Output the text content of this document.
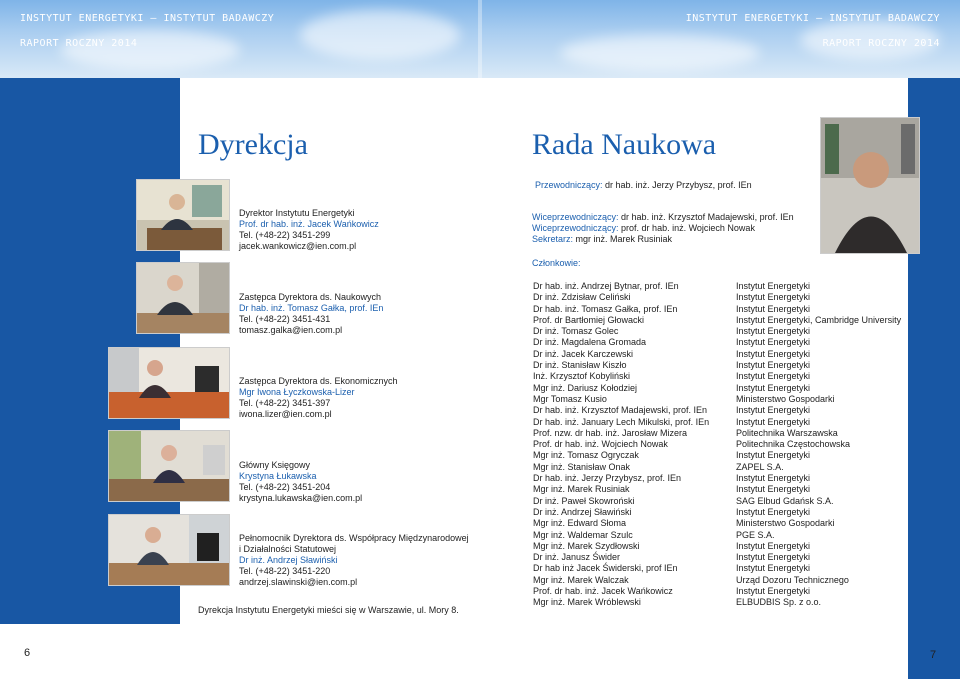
INSTYTUT ENERGETYKI – INSTYTUT BADAWCZY
RAPORT ROCZNY 2014
INSTYTUT ENERGETYKI – INSTYTUT BADAWCZY
RAPORT ROCZNY 2014
Dyrekcja
Dyrektor Instytutu Energetyki
Prof. dr hab. inż. Jacek Wańkowicz
Tel. (+48-22) 3451-299
jacek.wankowicz@ien.com.pl
Zastępca Dyrektora ds. Naukowych
Dr hab. inż. Tomasz Gałka, prof. IEn
Tel. (+48-22) 3451-431
tomasz.galka@ien.com.pl
Zastępca Dyrektora ds. Ekonomicznych
Mgr Iwona Łyczkowska-Lizer
Tel. (+48-22) 3451-397
iwona.lizer@ien.com.pl
Główny Księgowy
Krystyna Łukawska
Tel. (+48-22) 3451-204
krystyna.lukawska@ien.com.pl
Pełnomocnik Dyrektora ds. Współpracy Międzynarodowej
i Działalności Statutowej
Dr inż. Andrzej Sławiński
Tel. (+48-22) 3451-220
andrzej.slawinski@ien.com.pl
Dyrekcja Instytutu Energetyki mieści się w Warszawie, ul. Mory 8.
6
Rada Naukowa
Przewodniczący: dr hab. inż. Jerzy Przybysz, prof. IEn
Wiceprzewodniczący: dr hab. inż. Krzysztof Madajewski, prof. IEn
Wiceprzewodniczący: prof. dr hab. inż. Wojciech Nowak
Sekretarz: mgr inż. Marek Rusiniak
Członkowie:
Dr hab. inż. Andrzej Bytnar, prof. IEn
Dr inż. Zdzisław Celiński
Dr hab. inż. Tomasz Gałka, prof. IEn
Prof. dr Bartłomiej Głowacki
Dr inż. Tomasz Golec
Dr inż. Magdalena Gromada
Dr inż. Jacek Karczewski
Dr inż. Stanisław Kiszło
Inż. Krzysztof Kobyliński
Mgr inż. Dariusz Kołodziej
Mgr Tomasz Kusio
Dr hab. inż. Krzysztof Madajewski, prof. IEn
Dr hab. inż. January Lech Mikulski, prof. IEn
Prof. nzw. dr hab. inż. Jarosław Mizera
Prof. dr hab. inż. Wojciech Nowak
Mgr inż. Tomasz Ogryczak
Mgr inż. Stanisław Onak
Dr hab. inż. Jerzy Przybysz, prof. IEn
Mgr inż. Marek Rusiniak
Dr inż. Paweł Skowroński
Dr inż. Andrzej Sławiński
Mgr inż. Edward Słoma
Mgr inż. Waldemar Szulc
Mgr inż. Marek Szydłowski
Dr inż. Janusz Świder
Dr hab inż Jacek Świderski, prof IEn
Mgr inż. Marek Walczak
Prof. dr hab. inż. Jacek Wańkowicz
Mgr inż. Marek Wróblewski
Instytut Energetyki
Instytut Energetyki
Instytut Energetyki
Instytut Energetyki, Cambridge University
Instytut Energetyki
Instytut Energetyki
Instytut Energetyki
Instytut Energetyki
Instytut Energetyki
Instytut Energetyki
Ministerstwo Gospodarki
Instytut Energetyki
Instytut Energetyki
Politechnika Warszawska
Politechnika Częstochowska
Instytut Energetyki
ZAPEL S.A.
Instytut Energetyki
Instytut Energetyki
SAG Elbud Gdańsk S.A.
Instytut Energetyki
Ministerstwo Gospodarki
PGE S.A.
Instytut Energetyki
Instytut Energetyki
Instytut Energetyki
Urząd Dozoru Technicznego
Instytut Energetyki
ELBUDBIS Sp. z o.o.
7
